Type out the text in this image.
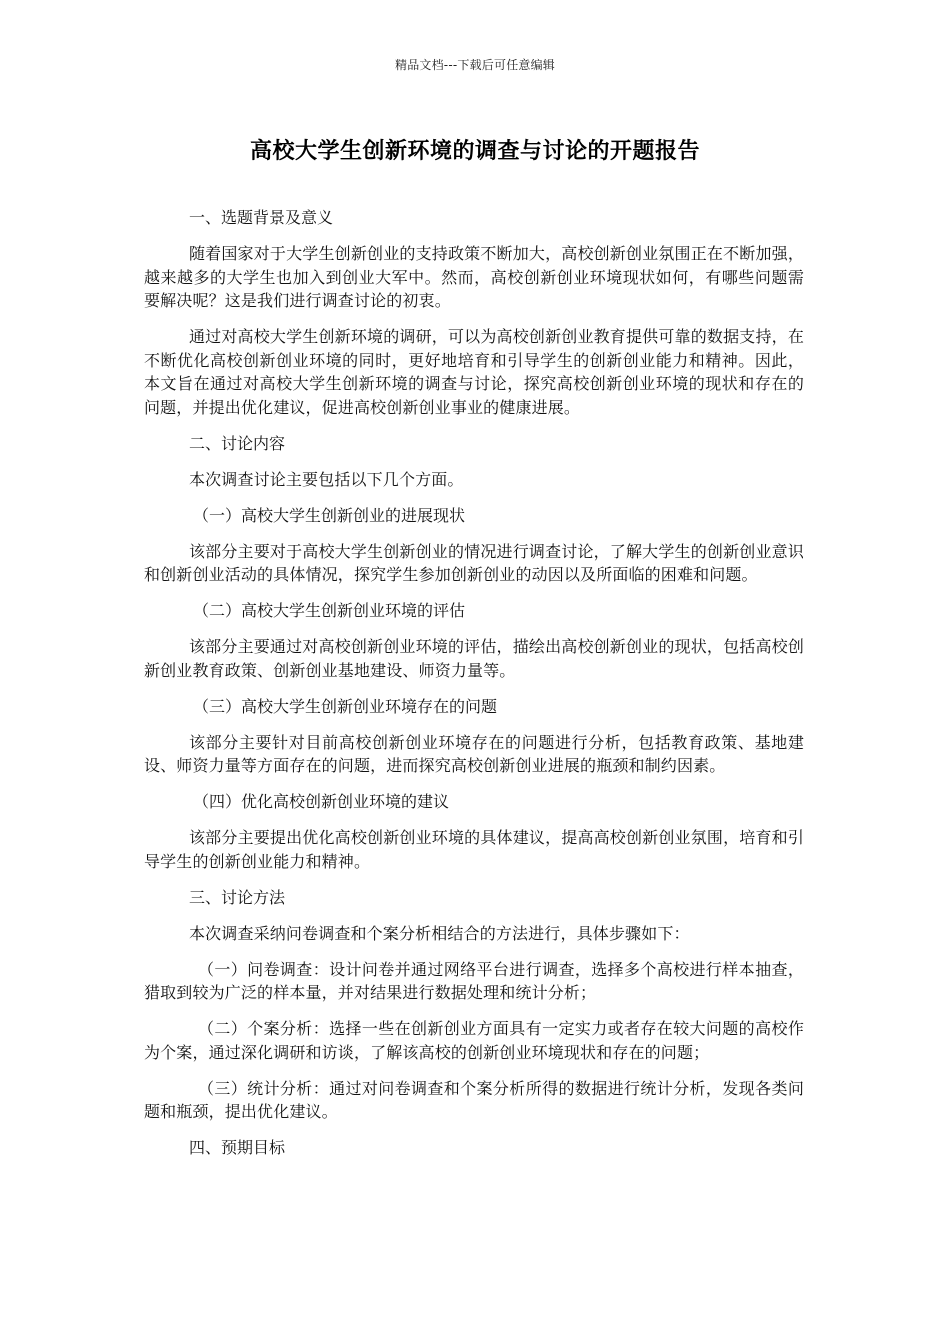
精品文档---下载后可任意编辑
高校大学生创新环境的调查与讨论的开题报告
一、选题背景及意义
随着国家对于大学生创新创业的支持政策不断加大，高校创新创业氛围正在不断加强，越来越多的大学生也加入到创业大军中。然而，高校创新创业环境现状如何，有哪些问题需要解决呢？这是我们进行调查讨论的初衷。
通过对高校大学生创新环境的调研，可以为高校创新创业教育提供可靠的数据支持，在不断优化高校创新创业环境的同时，更好地培育和引导学生的创新创业能力和精神。因此，本文旨在通过对高校大学生创新环境的调查与讨论，探究高校创新创业环境的现状和存在的问题，并提出优化建议，促进高校创新创业事业的健康进展。
二、讨论内容
本次调查讨论主要包括以下几个方面。
（一）高校大学生创新创业的进展现状
该部分主要对于高校大学生创新创业的情况进行调查讨论，了解大学生的创新创业意识和创新创业活动的具体情况，探究学生参加创新创业的动因以及所面临的困难和问题。
（二）高校大学生创新创业环境的评估
该部分主要通过对高校创新创业环境的评估，描绘出高校创新创业的现状，包括高校创新创业教育政策、创新创业基地建设、师资力量等。
（三）高校大学生创新创业环境存在的问题
该部分主要针对目前高校创新创业环境存在的问题进行分析，包括教育政策、基地建设、师资力量等方面存在的问题，进而探究高校创新创业进展的瓶颈和制约因素。
（四）优化高校创新创业环境的建议
该部分主要提出优化高校创新创业环境的具体建议，提高高校创新创业氛围，培育和引导学生的创新创业能力和精神。
三、讨论方法
本次调查采纳问卷调查和个案分析相结合的方法进行，具体步骤如下：
（一）问卷调查：设计问卷并通过网络平台进行调查，选择多个高校进行样本抽查，猎取到较为广泛的样本量，并对结果进行数据处理和统计分析；
（二）个案分析：选择一些在创新创业方面具有一定实力或者存在较大问题的高校作为个案，通过深化调研和访谈，了解该高校的创新创业环境现状和存在的问题；
（三）统计分析：通过对问卷调查和个案分析所得的数据进行统计分析，发现各类问题和瓶颈，提出优化建议。
四、预期目标
